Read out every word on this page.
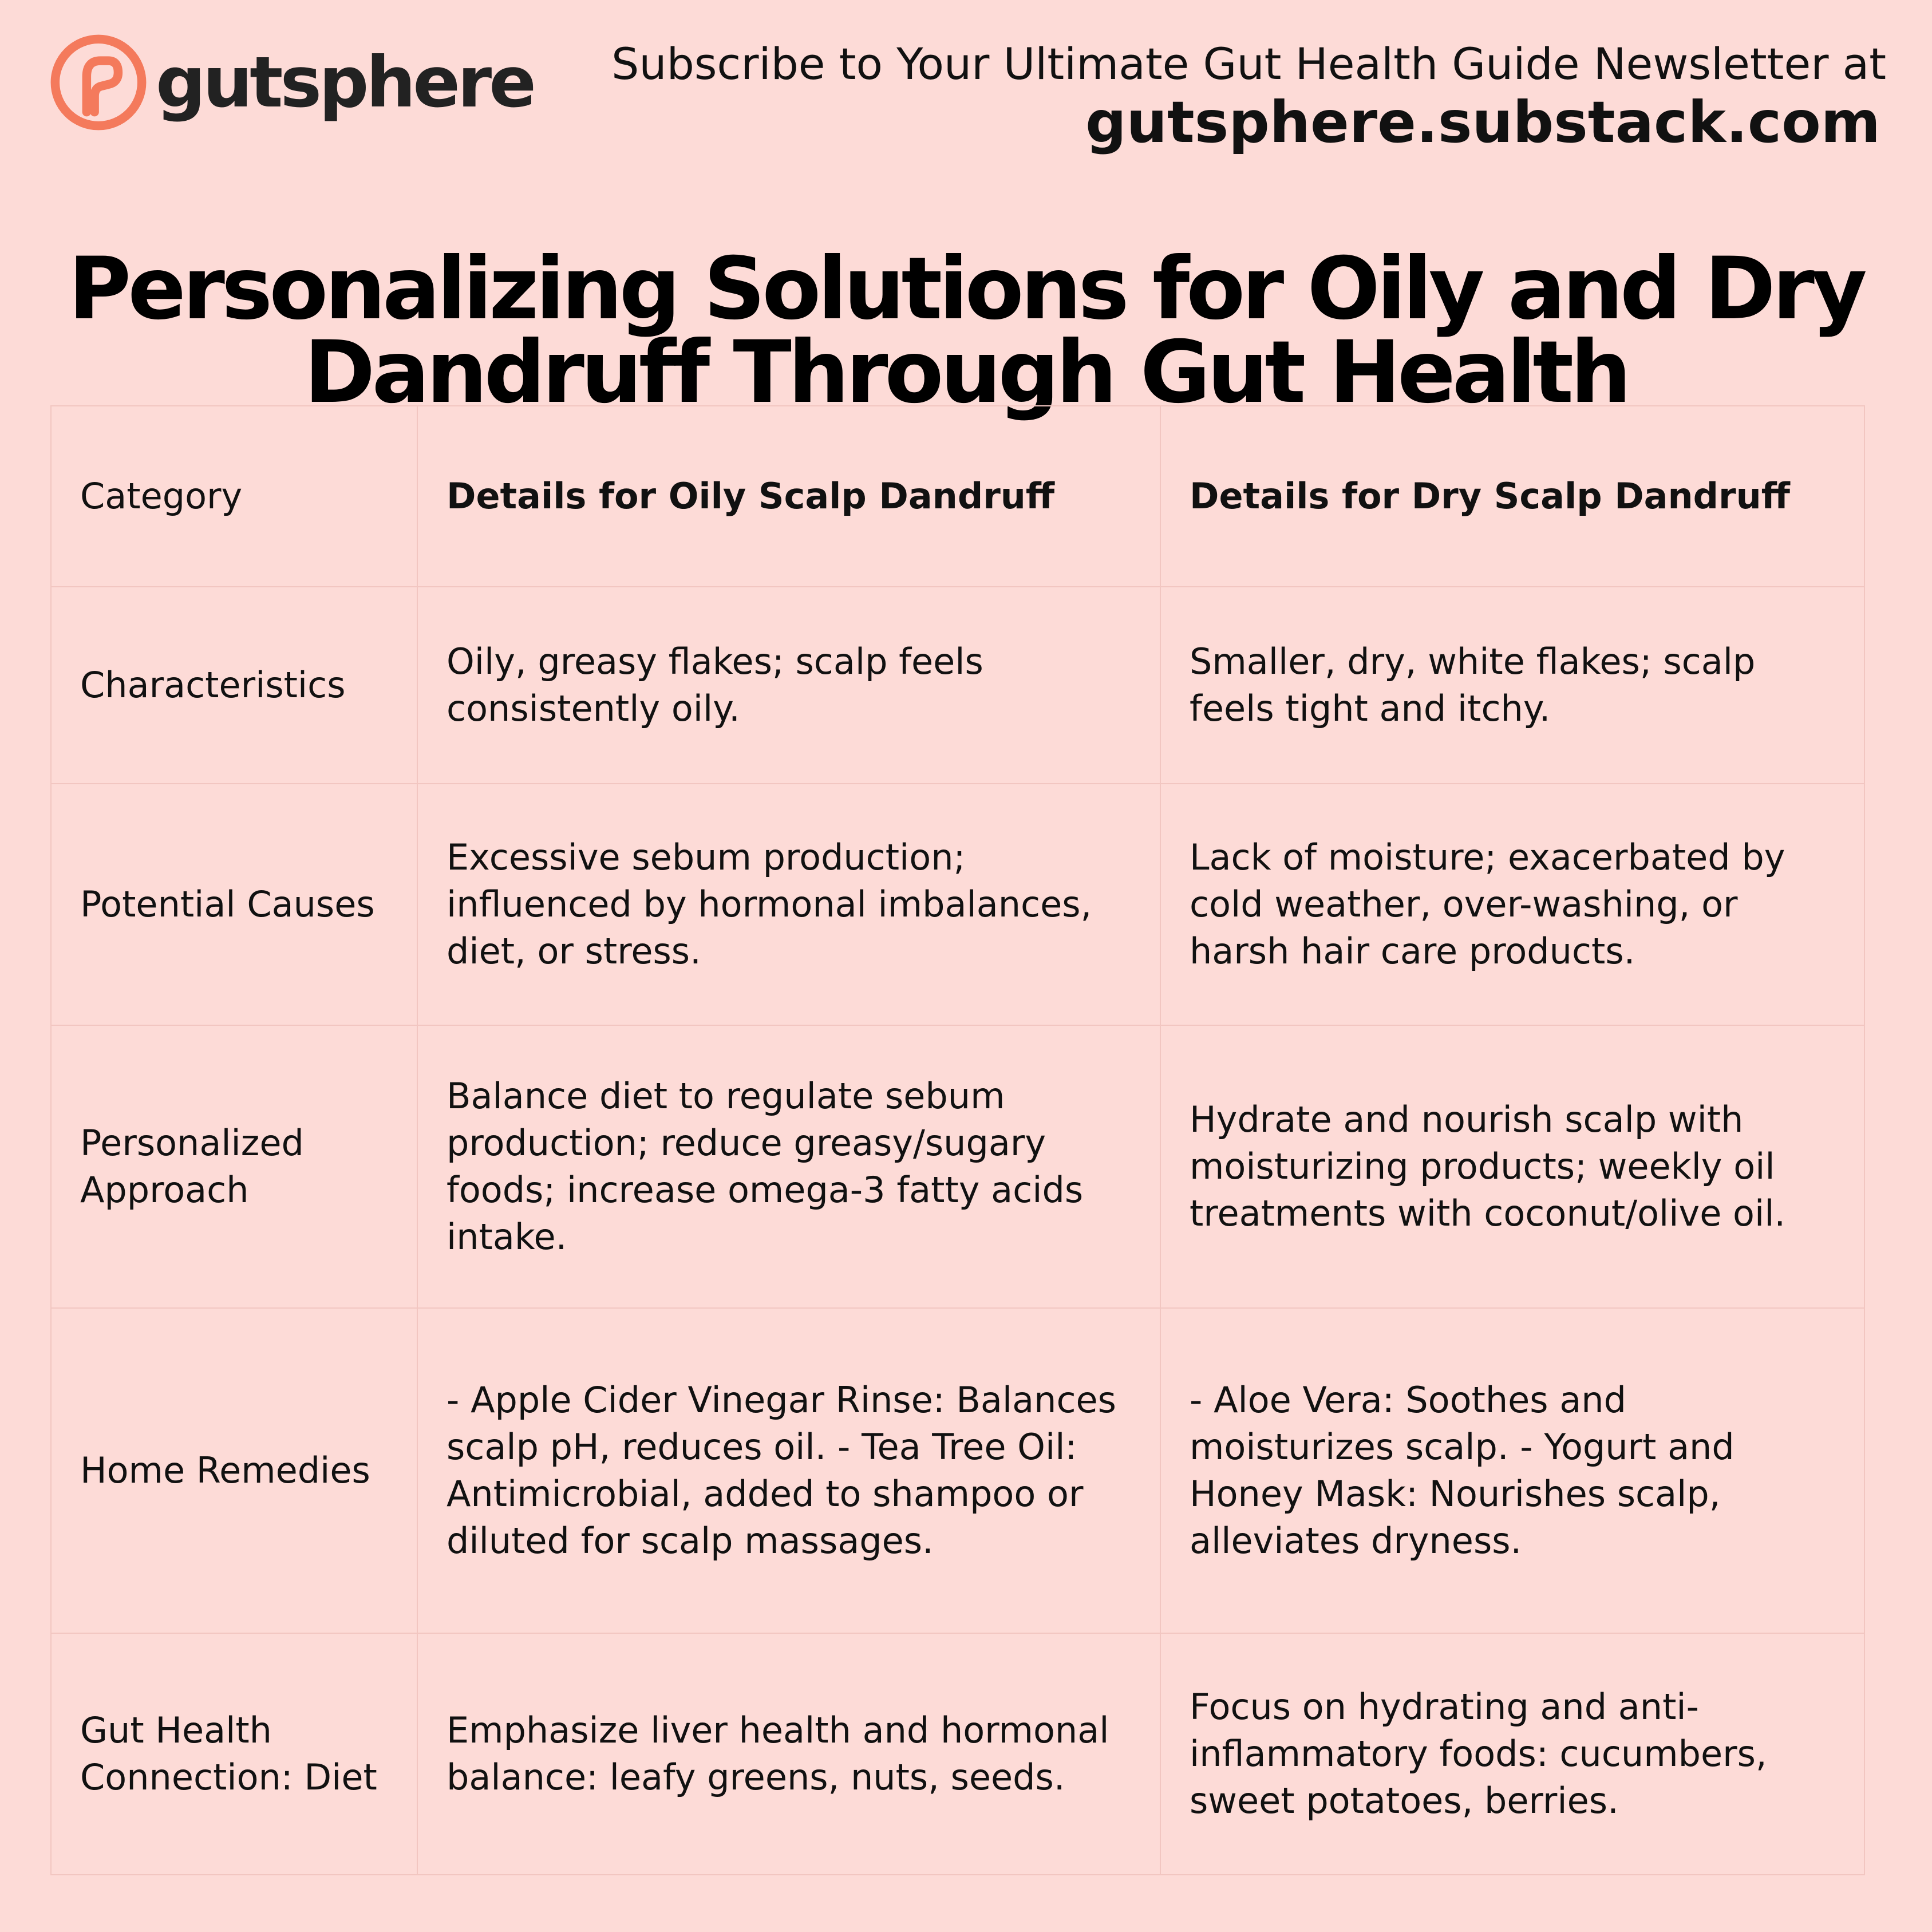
gutsphere Subscribe to Your Ultimate Gut Health Guide Newsletter at
gutsphere.substack.com
Personalizing Solutions for Oily and Dry
Dandruff Through Gut Health
Category	Details for Oily Scalp Dandruff	Details for Dry Scalp Dandruff
Characteristics	Oily, greasy flakes; scalp feels consistently oily.	Smaller, dry, white flakes; scalp feels tight and itchy.
Potential Causes	Excessive sebum production; influenced by hormonal imbalances, diet, or stress.	Lack of moisture; exacerbated by cold weather, over-washing, or harsh hair care products.
Personalized Approach	Balance diet to regulate sebum production; reduce greasy/sugary foods; increase omega-3 fatty acids intake.	Hydrate and nourish scalp with moisturizing products; weekly oil treatments with coconut/olive oil.
Home Remedies	- Apple Cider Vinegar Rinse: Balances scalp pH, reduces oil. - Tea Tree Oil: Antimicrobial, added to shampoo or diluted for scalp massages.	- Aloe Vera: Soothes and moisturizes scalp. - Yogurt and Honey Mask: Nourishes scalp, alleviates dryness.
Gut Health Connection: Diet	Emphasize liver health and hormonal balance: leafy greens, nuts, seeds.	Focus on hydrating and anti-inflammatory foods: cucumbers, sweet potatoes, berries.
